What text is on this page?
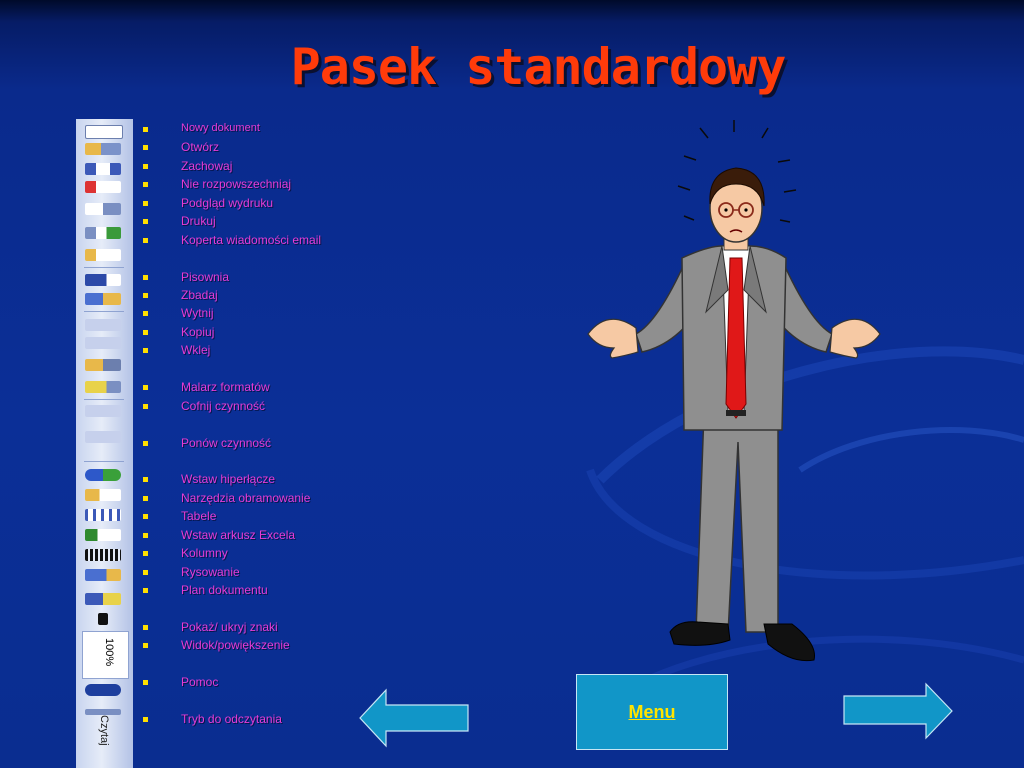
Pasek standardowy
100%
Czytaj
Nowy dokument
Otwórz
Zachowaj
Nie rozpowszechniaj
Podgląd wydruku
Drukuj
Koperta wiadomości email
Pisownia
Zbadaj
Wytnij
Kopiuj
Wklej
Malarz formatów
Cofnij czynność
Ponów czynność
Wstaw hiperłącze
Narzędzia obramowanie
Tabele
Wstaw arkusz Excela
Kolumny
Rysowanie
Plan dokumentu
Pokaż/ ukryj znaki
Widok/powiększenie
Pomoc
Tryb do odczytania	Menu
